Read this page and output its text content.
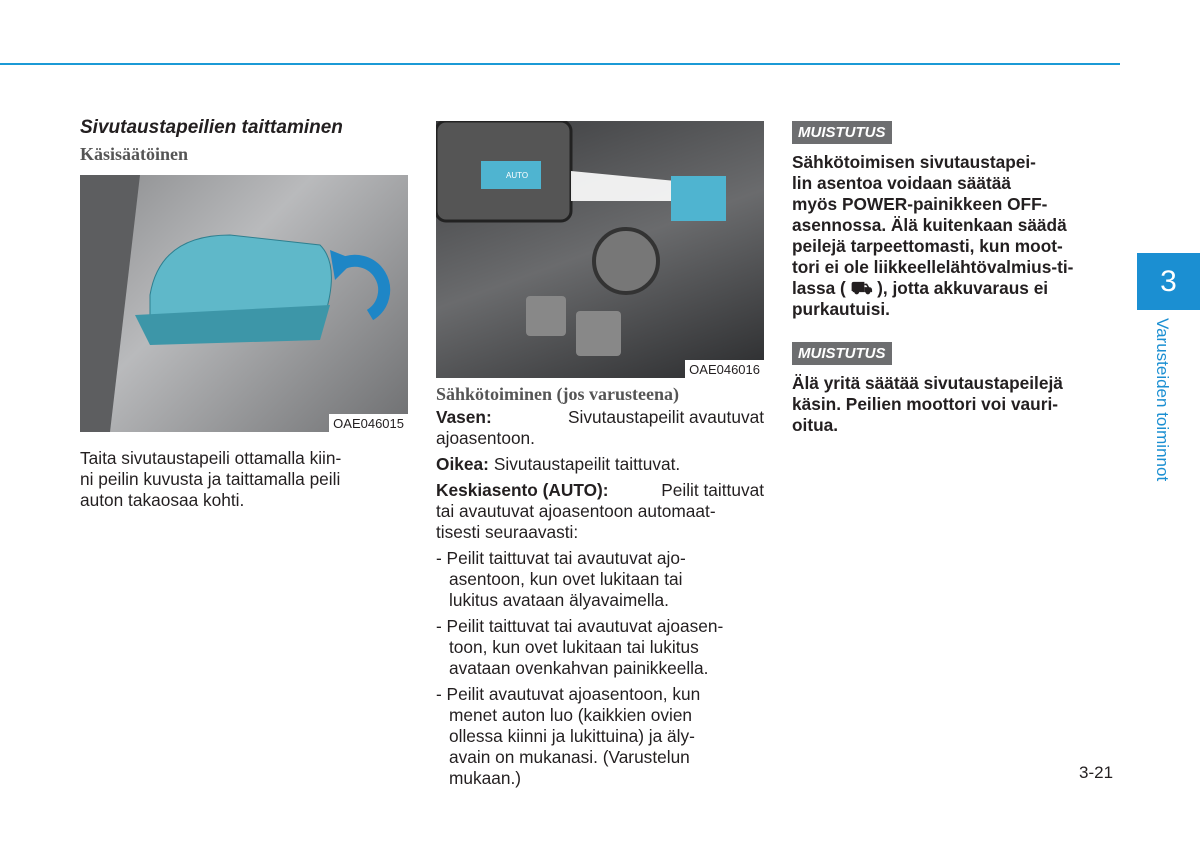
Sivutaustapeilien taittaminen
Käsisäätöinen
OAE046015
Taita sivutaustapeili ottamalla kiin-
ni peilin kuvusta ja taittamalla peili
auton takaosaa kohti.
AUTO
OAE046016
Sähkötoiminen (jos varusteena)
Vasen:	Sivutaustapeilit avautuvat
ajoasentoon.
Oikea: Sivutaustapeilit taittuvat.
Keskiasento (AUTO):	Peilit taittuvat
tai avautuvat ajoasentoon automaat-
tisesti seuraavasti:
- Peilit taittuvat tai avautuvat ajo-
asentoon, kun ovet lukitaan tai
lukitus avataan älyavaimella.
- Peilit taittuvat tai avautuvat ajoasen-
toon, kun ovet lukitaan tai lukitus
avataan ovenkahvan painikkeella.
- Peilit avautuvat ajoasentoon, kun
menet auton luo (kaikkien ovien
ollessa kiinni ja lukittuina) ja äly-
avain on mukanasi. (Varustelun
mukaan.)
MUISTUTUS
Sähkötoimisen sivutaustapei-
lin asentoa voidaan säätää
myös POWER-painikkeen OFF-
asennossa. Älä kuitenkaan säädä
peilejä tarpeettomasti, kun moot-
tori ei ole liikkeellelähtövalmius-ti-
lassa ( ⛟ ), jotta akkuvaraus ei
purkautuisi.
MUISTUTUS
Älä yritä säätää sivutaustapeilejä
käsin. Peilien moottori voi vauri-
oitua.
3
Varusteiden toiminnot
3-21
